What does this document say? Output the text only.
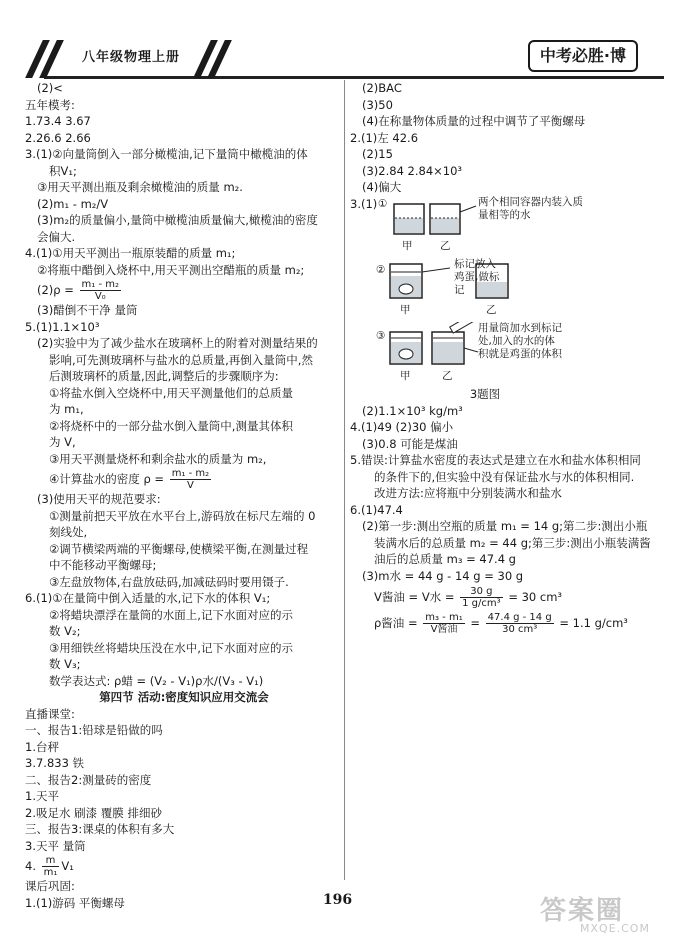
八年级物理上册	中考必胜·博
(2)<
五年模考:
1.73.4 3.67
2.26.6 2.66
3.(1)②向量筒倒入一部分橄榄油,记下量筒中橄榄油的体
积V₁;
③用天平测出瓶及剩余橄榄油的质量 m₂.
(2)m₁ - m₂/V
(3)m₂的质量偏小,量筒中橄榄油质量偏大,橄榄油的密度
会偏大.
4.(1)①用天平测出一瓶原装醋的质量 m₁;
②将瓶中醋倒入烧杯中,用天平测出空醋瓶的质量 m₂;
$(2)\rho = \frac{\text{m₁ - m₂}}{\text{V₀}}$
(3)醋倒不干净 量筒
5.(1)1.1×10³
(2)实验中为了减少盐水在玻璃杯上的附着对测量结果的
影响,可先测玻璃杯与盐水的总质量,再倒入量筒中,然
后测玻璃杯的质量,因此,调整后的步骤顺序为:
①将盐水倒入空烧杯中,用天平测量他们的总质量
为 m₁,
②将烧杯中的一部分盐水倒入量筒中,测量其体积
为 V,
③用天平测量烧杯和剩余盐水的质量为 m₂,
④计算盐水的密度 $\rho = \frac{\text{m₁ - m₂}}{V}$
(3)使用天平的规范要求:
①测量前把天平放在水平台上,游码放在标尺左端的 0
刻线处,
②调节横梁两端的平衡螺母,使横梁平衡,在测量过程
中不能移动平衡螺母;
③左盘放物体,右盘放砝码,加减砝码时要用镊子.
6.(1)①在量筒中倒入适量的水,记下水的体积 V₁;
②将蜡块漂浮在量筒的水面上,记下水面对应的示
数 V₂;
③用细铁丝将蜡块压没在水中,记下水面对应的示
数 V₃;
数学表达式: ρ蜡 = (V₂ - V₁)ρ水/(V₃ - V₁)
第四节 活动:密度知识应用交流会
直播课堂:
一、报告1:铅球是铅做的吗
1.台秤
3.7.833 铁
二、报告2:测量砖的密度
1.天平
2.吸足水 刷漆 覆膜 排细砂
三、报告3:课桌的体积有多大
3.天平 量筒
4. $\frac{m}{\text{m₁}} V_1$
课后巩固:
1.(1)游码 平衡螺母
(2)BAC
(3)50
(4)在称量物体质量的过程中调节了平衡螺母
2.(1)左 42.6
(2)15
(3)2.84 2.84×10³
(4)偏大
3.(1) ①	两个相同容器内装入质量相等的水
甲	乙
②	标记放入鸡蛋,做标记
甲	乙
③
用量筒加水到标记处,加入的水的体积就是鸡蛋的体积
甲	乙
3题图
(2)1.1×10³ kg/m³
4.(1)49 (2)30 偏小
(3)0.8 可能是煤油
5.错误:计算盐水密度的表达式是建立在水和盐水体积相同
的条件下的,但实验中没有保证盐水与水的体积相同.
改进方法:应将瓶中分别装满水和盐水
6.(1)47.4
(2)第一步:测出空瓶的质量 m₁ = 14 g;第二步:测出小瓶
装满水后的总质量 m₂ = 44 g;第三步:测出小瓶装满酱
油后的总质量 m₃ = 47.4 g
(3)m水 = 44 g - 14 g = 30 g
V酱油 = V水 = $\frac{30 g}{\text{1 g/cm³}} = 30$ cm³
ρ酱油 = $\frac{\text{m₃ - m₁}}{\text{V酱油}} = \frac{47.4 g - 14 g}{\text{30 cm³}} = 1.1$ g/cm³
196	答案圈
MXQE.COM
